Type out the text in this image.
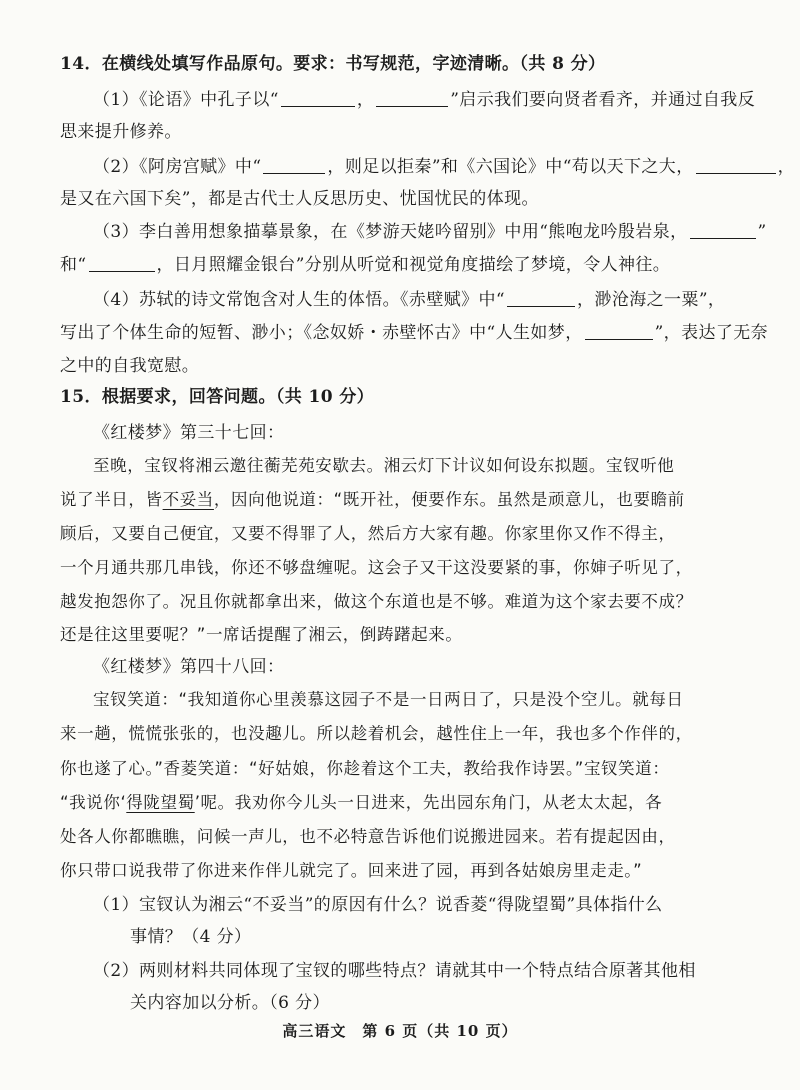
14．在横线处填写作品原句。要求：书写规范，字迹清晰。（共 8 分）
（1）《论语》中孔子以“	，	”启示我们要向贤者看齐，并通过自我反
思来提升修养。
（2）《阿房宫赋》中“	，则足以拒秦”和《六国论》中“苟以天下之大，	，
是又在六国下矣”，都是古代士人反思历史、忧国忧民的体现。
（3）李白善用想象描摹景象，在《梦游天姥吟留别》中用“熊咆龙吟殷岩泉，	”
和“	，日月照耀金银台”分别从听觉和视觉角度描绘了梦境，令人神往。
（4）苏轼的诗文常饱含对人生的体悟。《赤壁赋》中“	，渺沧海之一粟”，
写出了个体生命的短暂、渺小；《念奴娇・赤壁怀古》中“人生如梦，	”，表达了无奈
之中的自我宽慰。
15．根据要求，回答问题。（共 10 分）
《红楼梦》第三十七回：
至晚，宝钗将湘云邀往蘅芜苑安歇去。湘云灯下计议如何设东拟题。宝钗听他
说了半日，皆不妥当，因向他说道：“既开社，便要作东。虽然是顽意儿，也要瞻前
顾后，又要自己便宜，又要不得罪了人，然后方大家有趣。你家里你又作不得主，
一个月通共那几串钱，你还不够盘缠呢。这会子又干这没要紧的事，你婶子听见了，
越发抱怨你了。况且你就都拿出来，做这个东道也是不够。难道为这个家去要不成？
还是往这里要呢？”一席话提醒了湘云，倒踌躇起来。
《红楼梦》第四十八回：
宝钗笑道：“我知道你心里羡慕这园子不是一日两日了，只是没个空儿。就每日
来一趟，慌慌张张的，也没趣儿。所以趁着机会，越性住上一年，我也多个作伴的，
你也遂了心。”香菱笑道：“好姑娘，你趁着这个工夫，教给我作诗罢。”宝钗笑道：
“我说你‘得陇望蜀’呢。我劝你今儿头一日进来，先出园东角门，从老太太起，各
处各人你都瞧瞧，问候一声儿，也不必特意告诉他们说搬进园来。若有提起因由，
你只带口说我带了你进来作伴儿就完了。回来进了园，再到各姑娘房里走走。”
（1）宝钗认为湘云“不妥当”的原因有什么？说香菱“得陇望蜀”具体指什么
事情？（4 分）
（2）两则材料共同体现了宝钗的哪些特点？请就其中一个特点结合原著其他相
关内容加以分析。（6 分）
高三语文　第 6 页（共 10 页）
